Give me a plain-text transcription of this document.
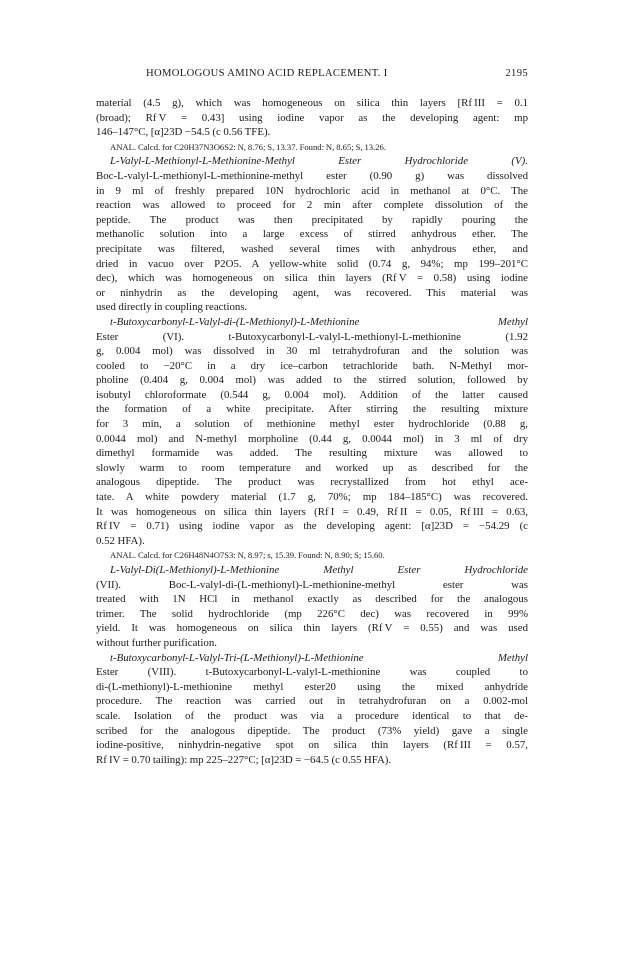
HOMOLOGOUS AMINO ACID REPLACEMENT. I	2195
material (4.5 g), which was homogeneous on silica thin layers [Rf III = 0.1
(broad); Rf V = 0.43] using iodine vapor as the developing agent: mp
146–147°C, [α]23D −54.5 (c 0.56 TFE).
ANAL. Calcd. for C20H37N3O6S2: N, 8.76; S, 13.37. Found: N, 8.65; S, 13.26.
L-Valyl-L-Methionyl-L-Methionine-Methyl Ester Hydrochloride (V).
Boc-L-valyl-L-methionyl-L-methionine-methyl ester (0.90 g) was dissolved
in 9 ml of freshly prepared 10N hydrochloric acid in methanol at 0°C. The
reaction was allowed to proceed for 2 min after complete dissolution of the
peptide. The product was then precipitated by rapidly pouring the
methanolic solution into a large excess of stirred anhydrous ether. The
precipitate was filtered, washed several times with anhydrous ether, and
dried in vacuo over P2O5. A yellow-white solid (0.74 g, 94%; mp 199–201°C
dec), which was homogeneous on silica thin layers (Rf V = 0.58) using iodine
or ninhydrin as the developing agent, was recovered. This material was
used directly in coupling reactions.
t-Butoxycarbonyl-L-Valyl-di-(L-Methionyl)-L-Methionine Methyl
Ester (VI). t-Butoxycarbonyl-L-valyl-L-methionyl-L-methionine (1.92
g, 0.004 mol) was dissolved in 30 ml tetrahydrofuran and the solution was
cooled to −20°C in a dry ice–carbon tetrachloride bath. N-Methyl mor-
pholine (0.404 g, 0.004 mol) was added to the stirred solution, followed by
isobutyl chloroformate (0.544 g, 0.004 mol). Addition of the latter caused
the formation of a white precipitate. After stirring the resulting mixture
for 3 min, a solution of methionine methyl ester hydrochloride (0.88 g,
0.0044 mol) and N-methyl morpholine (0.44 g, 0.0044 mol) in 3 ml of dry
dimethyl formamide was added. The resulting mixture was allowed to
slowly warm to room temperature and worked up as described for the
analogous dipeptide. The product was recrystallized from hot ethyl ace-
tate. A white powdery material (1.7 g, 70%; mp 184–185°C) was recovered.
It was homogeneous on silica thin layers (Rf I = 0.49, Rf II = 0.05, Rf III = 0.63,
Rf IV = 0.71) using iodine vapor as the developing agent: [α]23D = −54.29 (c
0.52 HFA).
ANAL. Calcd. for C26H48N4O7S3: N, 8.97; s, 15.39. Found: N, 8.90; S; 15.60.
L-Valyl-Di(L-Methionyl)-L-Methionine Methyl Ester Hydrochloride
(VII). Boc-L-valyl-di-(L-methionyl)-L-methionine-methyl ester was
treated with 1N HCl in methanol exactly as described for the analogous
trimer. The solid hydrochloride (mp 226°C dec) was recovered in 99%
yield. It was homogeneous on silica thin layers (Rf V = 0.55) and was used
without further purification.
t-Butoxycarbonyl-L-Valyl-Tri-(L-Methionyl)-L-Methionine Methyl
Ester (VIII). t-Butoxycarbonyl-L-valyl-L-methionine was coupled to
di-(L-methionyl)-L-methionine methyl ester20 using the mixed anhydride
procedure. The reaction was carried out in tetrahydrofuran on a 0.002-mol
scale. Isolation of the product was via a procedure identical to that de-
scribed for the analogous dipeptide. The product (73% yield) gave a single
iodine-positive, ninhydrin-negative spot on silica thin layers (Rf III = 0.57,
Rf IV = 0.70 tailing): mp 225–227°C; [α]23D = −64.5 (c 0.55 HFA).
